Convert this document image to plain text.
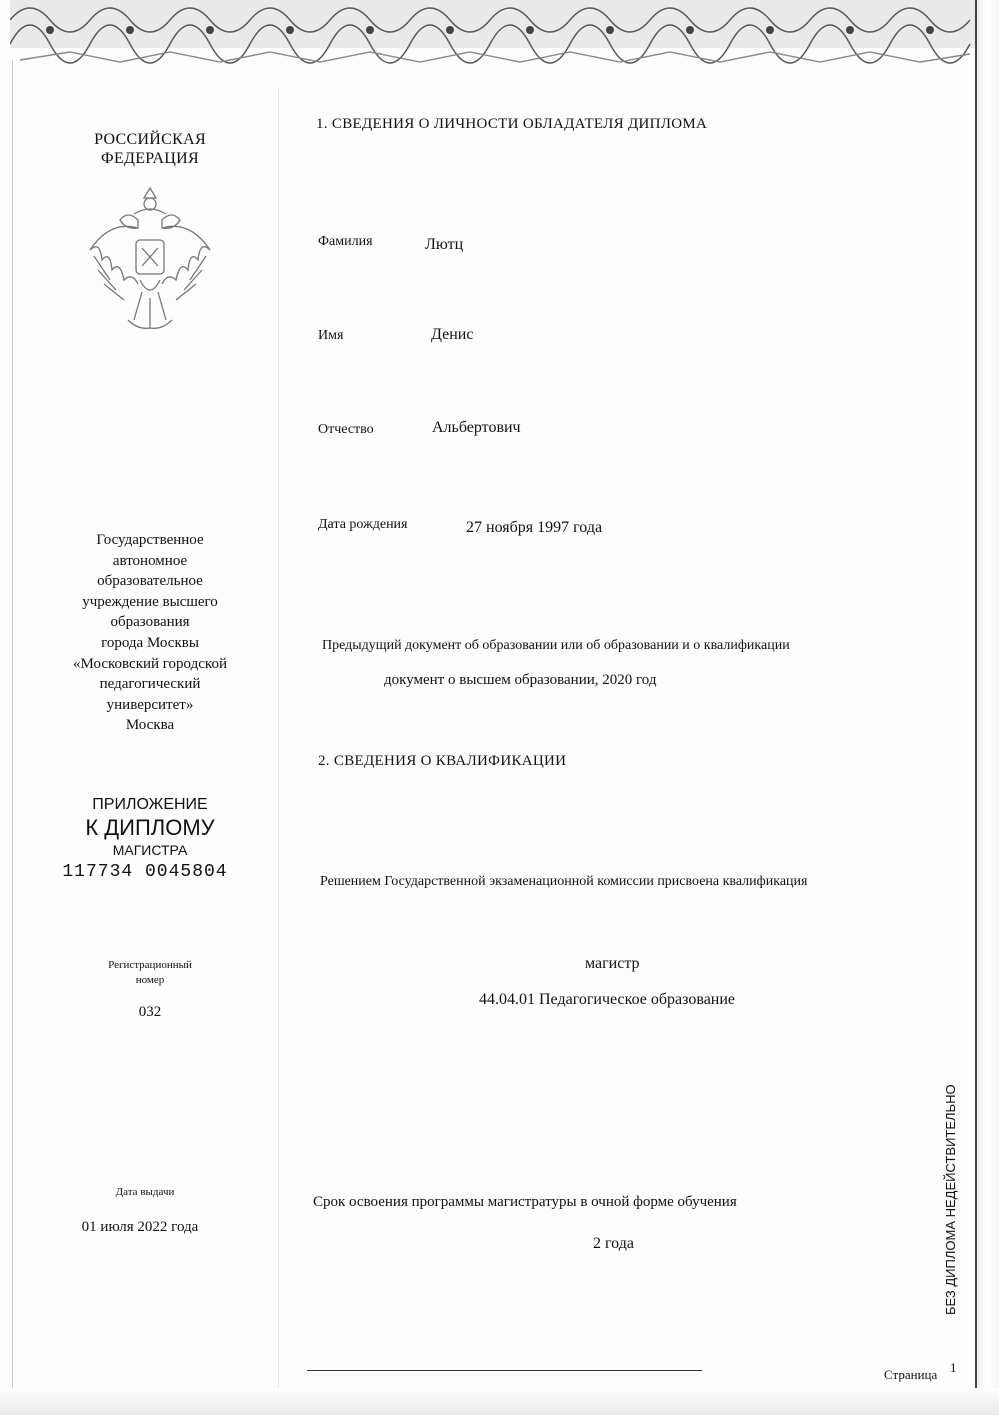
РОССИЙСКАЯ
ФЕДЕРАЦИЯ
Государственное
автономное
образовательное
учреждение высшего
образования
города Москвы
«Московский городской
педагогический
университет»
Москва
ПРИЛОЖЕНИЕ
К ДИПЛОМУ
МАГИСТРА
117734 0045804
Регистрационный
номер
032
Дата выдачи
01 июля 2022 года
1. СВЕДЕНИЯ О ЛИЧНОСТИ ОБЛАДАТЕЛЯ ДИПЛОМА
Фамилия	Лютц
Имя	Денис
Отчество	Альбертович
Дата рождения	27 ноября 1997 года
Предыдущий документ об образовании или об образовании и о квалификации
документ о высшем образовании, 2020 год
2. СВЕДЕНИЯ О КВАЛИФИКАЦИИ
Решением Государственной экзаменационной комиссии присвоена квалификация
магистр
44.04.01 Педагогическое образование
Срок освоения программы магистратуры в очной форме обучения
2 года
Страница 1
БЕЗ ДИПЛОМА НЕДЕЙСТВИТЕЛЬНО
